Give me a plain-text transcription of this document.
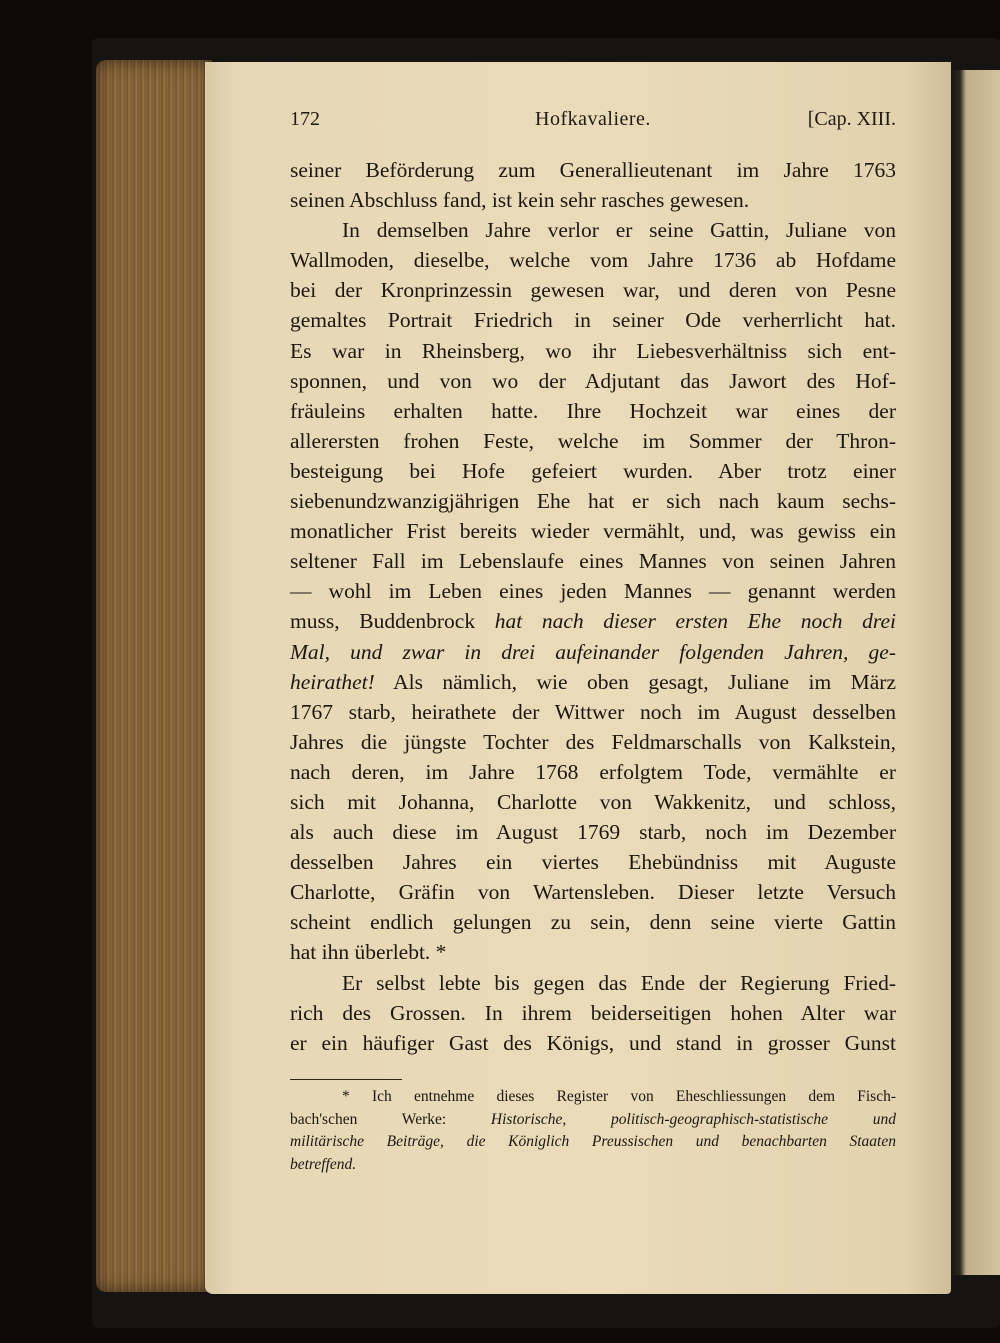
172	Hofkavaliere.	[Cap. XIII.
seiner Beförderung zum Generallieutenant im Jahre 1763
seinen Abschluss fand, ist kein sehr rasches gewesen.
In demselben Jahre verlor er seine Gattin, Juliane von
Wallmoden, dieselbe, welche vom Jahre 1736 ab Hofdame
bei der Kronprinzessin gewesen war, und deren von Pesne
gemaltes Portrait Friedrich in seiner Ode verherrlicht hat.
Es war in Rheinsberg, wo ihr Liebesverhältniss sich ent-
sponnen, und von wo der Adjutant das Jawort des Hof-
fräuleins erhalten hatte. Ihre Hochzeit war eines der
allerersten frohen Feste, welche im Sommer der Thron-
besteigung bei Hofe gefeiert wurden. Aber trotz einer
siebenundzwanzigjährigen Ehe hat er sich nach kaum sechs-
monatlicher Frist bereits wieder vermählt, und, was gewiss ein
seltener Fall im Lebenslaufe eines Mannes von seinen Jahren
— wohl im Leben eines jeden Mannes — genannt werden
muss, Buddenbrock hat nach dieser ersten Ehe noch drei
Mal, und zwar in drei aufeinander folgenden Jahren, ge-
heirathet! Als nämlich, wie oben gesagt, Juliane im März
1767 starb, heirathete der Wittwer noch im August desselben
Jahres die jüngste Tochter des Feldmarschalls von Kalkstein,
nach deren, im Jahre 1768 erfolgtem Tode, vermählte er
sich mit Johanna, Charlotte von Wakkenitz, und schloss,
als auch diese im August 1769 starb, noch im Dezember
desselben Jahres ein viertes Ehebündniss mit Auguste
Charlotte, Gräfin von Wartensleben. Dieser letzte Versuch
scheint endlich gelungen zu sein, denn seine vierte Gattin
hat ihn überlebt. *
Er selbst lebte bis gegen das Ende der Regierung Fried-
rich des Grossen. In ihrem beiderseitigen hohen Alter war
er ein häufiger Gast des Königs, und stand in grosser Gunst
* Ich entnehme dieses Register von Eheschliessungen dem Fisch-
bach'schen Werke: Historische, politisch-geographisch-statistische und
militärische Beiträge, die Königlich Preussischen und benachbarten Staaten
betreffend.
